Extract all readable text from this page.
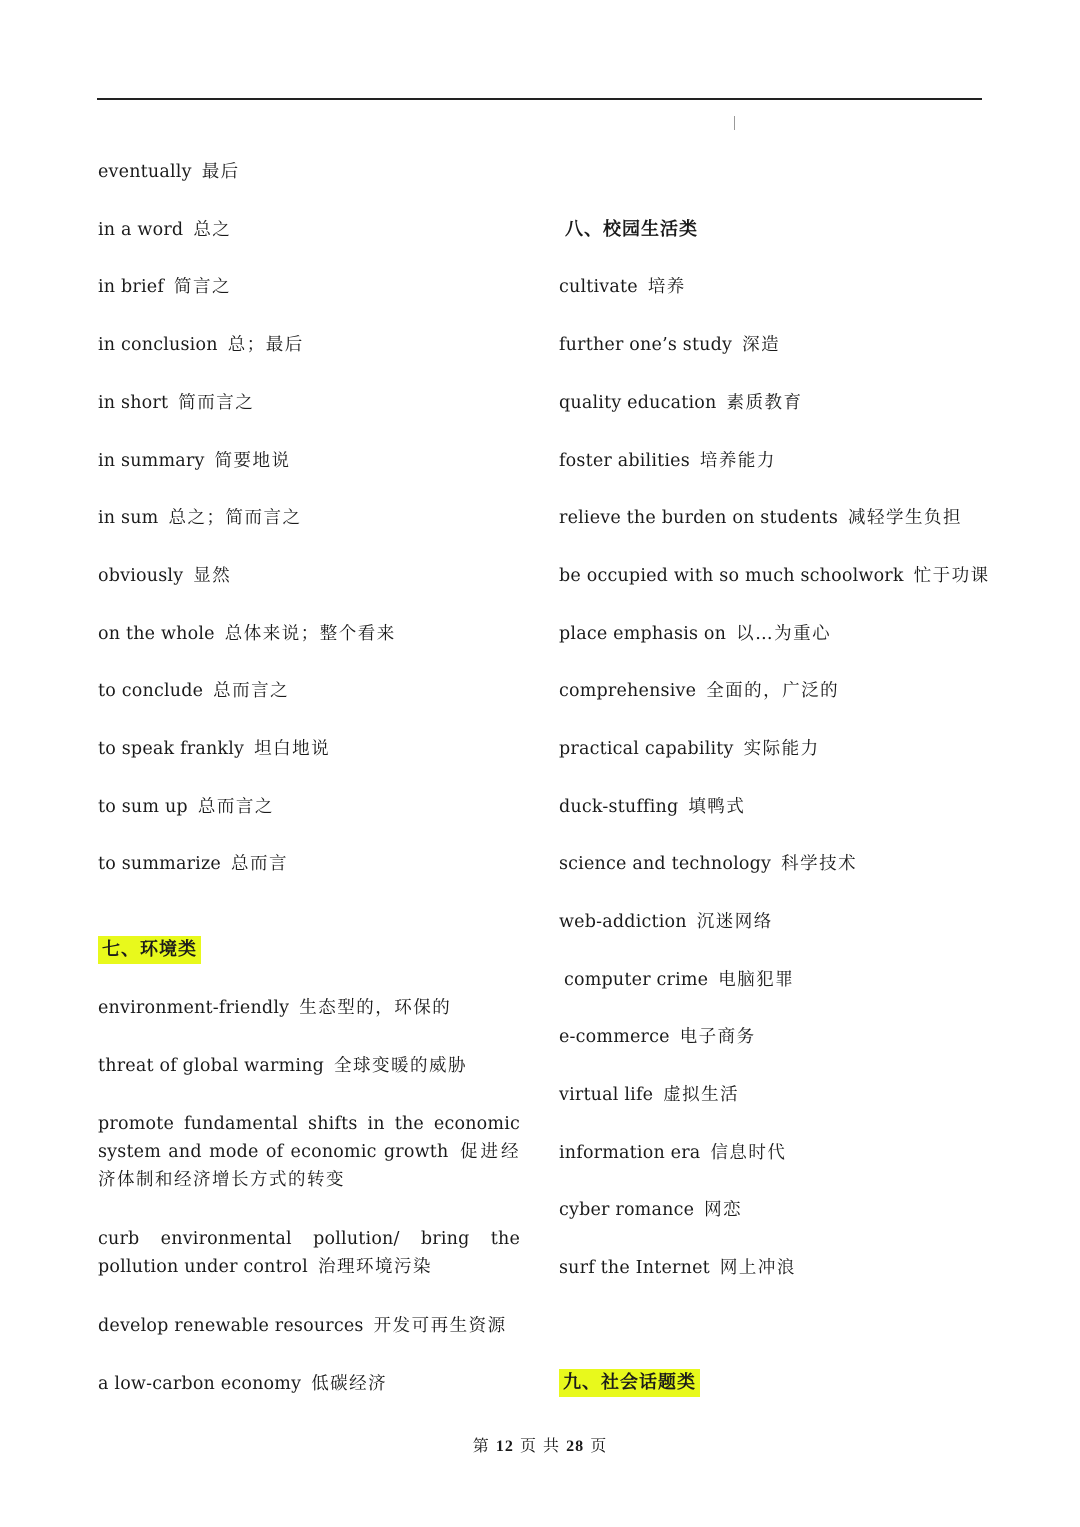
eventually 最后
in a word 总之
in brief 简言之
in conclusion 总；最后
in short 简而言之
in summary 简要地说
in sum 总之；简而言之
obviously 显然
on the whole 总体来说；整个看来
to conclude 总而言之
to speak frankly 坦白地说
to sum up 总而言之
to summarize 总而言
七、环境类
environment-friendly 生态型的，环保的
threat of global warming 全球变暖的威胁
promote fundamental shifts in the economic system and mode of economic growth 促进经济体制和经济增长方式的转变
curb environmental pollution/ bring the pollution under control 治理环境污染
develop renewable resources 开发可再生资源
a low-carbon economy 低碳经济
八、校园生活类
cultivate 培养
further one’s study 深造
quality education 素质教育
foster abilities 培养能力
relieve the burden on students 减轻学生负担
be occupied with so much schoolwork 忙于功课
place emphasis on 以…为重心
comprehensive 全面的，广泛的
practical capability 实际能力
duck-stuffing 填鸭式
science and technology 科学技术
web-addiction 沉迷网络
computer crime 电脑犯罪
e-commerce 电子商务
virtual life 虚拟生活
information era 信息时代
cyber romance 网恋
surf the Internet 网上冲浪
九、社会话题类
第 12 页 共 28 页
